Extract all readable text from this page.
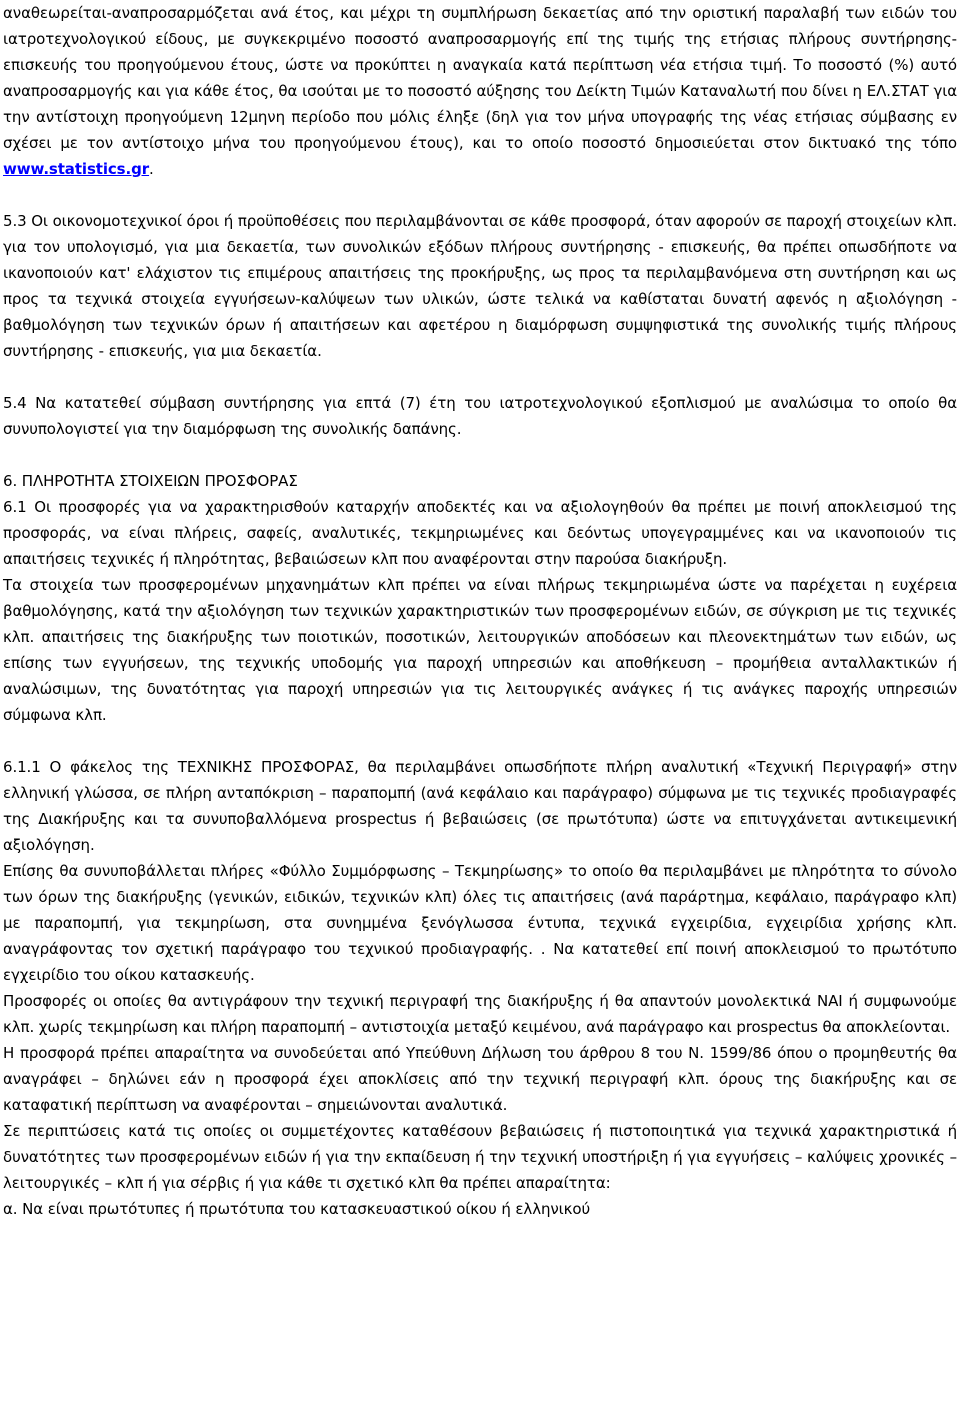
αναθεωρείται-αναπροσαρμόζεται ανά έτος, και μέχρι τη συμπλήρωση δεκαετίας από την οριστική παραλαβή των ειδών του ιατροτεχνολογικού είδους, με συγκεκριμένο ποσοστό αναπροσαρμογής επί της τιμής της ετήσιας πλήρους συντήρησης-επισκευής του προηγούμενου έτους, ώστε να προκύπτει η αναγκαία κατά περίπτωση νέα ετήσια τιμή. Το ποσοστό (%) αυτό αναπροσαρμογής και για κάθε έτος, θα ισούται με το ποσοστό αύξησης του Δείκτη Τιμών Καταναλωτή που δίνει η ΕΛ.ΣΤΑΤ για την αντίστοιχη προηγούμενη 12μηνη περίοδο που μόλις έληξε (δηλ για τον μήνα υπογραφής της νέας ετήσιας σύμβασης εν σχέσει με τον αντίστοιχο μήνα του προηγούμενου έτους), και το οποίο ποσοστό δημοσιεύεται στον δικτυακό της τόπο www.statistics.gr.

5.3 Οι οικονομοτεχνικοί όροι ή προϋποθέσεις που περιλαμβάνονται σε κάθε προσφορά, όταν αφορούν σε παροχή στοιχείων κλπ. για τον υπολογισμό, για μια δεκαετία, των συνολικών εξόδων πλήρους συντήρησης - επισκευής, θα πρέπει οπωσδήποτε να ικανοποιούν κατ' ελάχιστον τις επιμέρους απαιτήσεις της προκήρυξης, ως προς τα περιλαμβανόμενα στη συντήρηση και ως προς τα τεχνικά στοιχεία εγγυήσεων-καλύψεων των υλικών, ώστε τελικά να καθίσταται δυνατή αφενός η αξιολόγηση - βαθμολόγηση των τεχνικών όρων ή απαιτήσεων και αφετέρου η διαμόρφωση συμψηφιστικά της συνολικής τιμής πλήρους συντήρησης - επισκευής, για μια δεκαετία.

5.4 Να κατατεθεί σύμβαση συντήρησης για επτά (7) έτη του ιατροτεχνολογικού εξοπλισμού με αναλώσιμα το οποίο θα συνυπολογιστεί για την διαμόρφωση της συνολικής δαπάνης.

6. ΠΛΗΡΟΤΗΤΑ ΣΤΟΙΧΕΙΩΝ ΠΡΟΣΦΟΡΑΣ

6.1 Οι προσφορές για να χαρακτηρισθούν καταρχήν αποδεκτές και να αξιολογηθούν θα πρέπει με ποινή αποκλεισμού της προσφοράς, να είναι πλήρεις, σαφείς, αναλυτικές, τεκμηριωμένες και δεόντως υπογεγραμμένες και να ικανοποιούν τις απαιτήσεις τεχνικές ή πληρότητας, βεβαιώσεων κλπ που αναφέρονται στην παρούσα διακήρυξη.

Τα στοιχεία των προσφερομένων μηχανημάτων κλπ πρέπει να είναι πλήρως τεκμηριωμένα ώστε να παρέχεται η ευχέρεια βαθμολόγησης, κατά την αξιολόγηση των τεχνικών χαρακτηριστικών των προσφερομένων ειδών, σε σύγκριση με τις τεχνικές κλπ. απαιτήσεις της διακήρυξης των ποιοτικών, ποσοτικών, λειτουργικών αποδόσεων και πλεονεκτημάτων των ειδών, ως επίσης των εγγυήσεων, της τεχνικής υποδομής για παροχή υπηρεσιών και αποθήκευση – προμήθεια ανταλλακτικών ή αναλώσιμων, της δυνατότητας για παροχή υπηρεσιών για τις λειτουργικές ανάγκες ή τις ανάγκες παροχής υπηρεσιών σύμφωνα κλπ.

6.1.1 Ο φάκελος της ΤΕΧΝΙΚΗΣ ΠΡΟΣΦΟΡΑΣ, θα περιλαμβάνει οπωσδήποτε πλήρη αναλυτική «Τεχνική Περιγραφή» στην ελληνική γλώσσα, σε πλήρη ανταπόκριση – παραπομπή (ανά κεφάλαιο και παράγραφο) σύμφωνα με τις τεχνικές προδιαγραφές της Διακήρυξης και τα συνυποβαλλόμενα prospectus ή βεβαιώσεις (σε πρωτότυπα) ώστε να επιτυγχάνεται αντικειμενική αξιολόγηση.

Επίσης θα συνυποβάλλεται πλήρες «Φύλλο Συμμόρφωσης – Τεκμηρίωσης» το οποίο θα περιλαμβάνει με πληρότητα το σύνολο των όρων της διακήρυξης (γενικών, ειδικών, τεχνικών κλπ) όλες τις απαιτήσεις (ανά παράρτημα, κεφάλαιο, παράγραφο κλπ) με παραπομπή, για τεκμηρίωση, στα συνημμένα ξενόγλωσσα έντυπα, τεχνικά εγχειρίδια, εγχειρίδια χρήσης κλπ. αναγράφοντας τον σχετική παράγραφο του τεχνικού προδιαγραφής. . Να κατατεθεί επί ποινή αποκλεισμού το πρωτότυπο εγχειρίδιο του οίκου κατασκευής.

Προσφορές οι οποίες θα αντιγράφουν την τεχνική περιγραφή της διακήρυξης ή θα απαντούν μονολεκτικά ΝΑΙ ή συμφωνούμε κλπ. χωρίς τεκμηρίωση και πλήρη παραπομπή – αντιστοιχία μεταξύ κειμένου, ανά παράγραφο και prospectus θα αποκλείονται.

Η προσφορά πρέπει απαραίτητα να συνοδεύεται από Υπεύθυνη Δήλωση του άρθρου 8 του Ν. 1599/86 όπου ο προμηθευτής θα αναγράφει – δηλώνει εάν η προσφορά έχει αποκλίσεις από την τεχνική περιγραφή κλπ. όρους της διακήρυξης και σε καταφατική περίπτωση να αναφέρονται – σημειώνονται αναλυτικά.

Σε περιπτώσεις κατά τις οποίες οι συμμετέχοντες καταθέσουν βεβαιώσεις ή πιστοποιητικά για τεχνικά χαρακτηριστικά ή δυνατότητες των προσφερομένων ειδών ή για την εκπαίδευση ή την τεχνική υποστήριξη ή για εγγυήσεις – καλύψεις χρονικές – λειτουργικές – κλπ ή για σέρβις ή για κάθε τι σχετικό κλπ θα πρέπει απαραίτητα:

α. Να είναι πρωτότυπες ή πρωτότυπα του κατασκευαστικού οίκου ή ελληνικού
